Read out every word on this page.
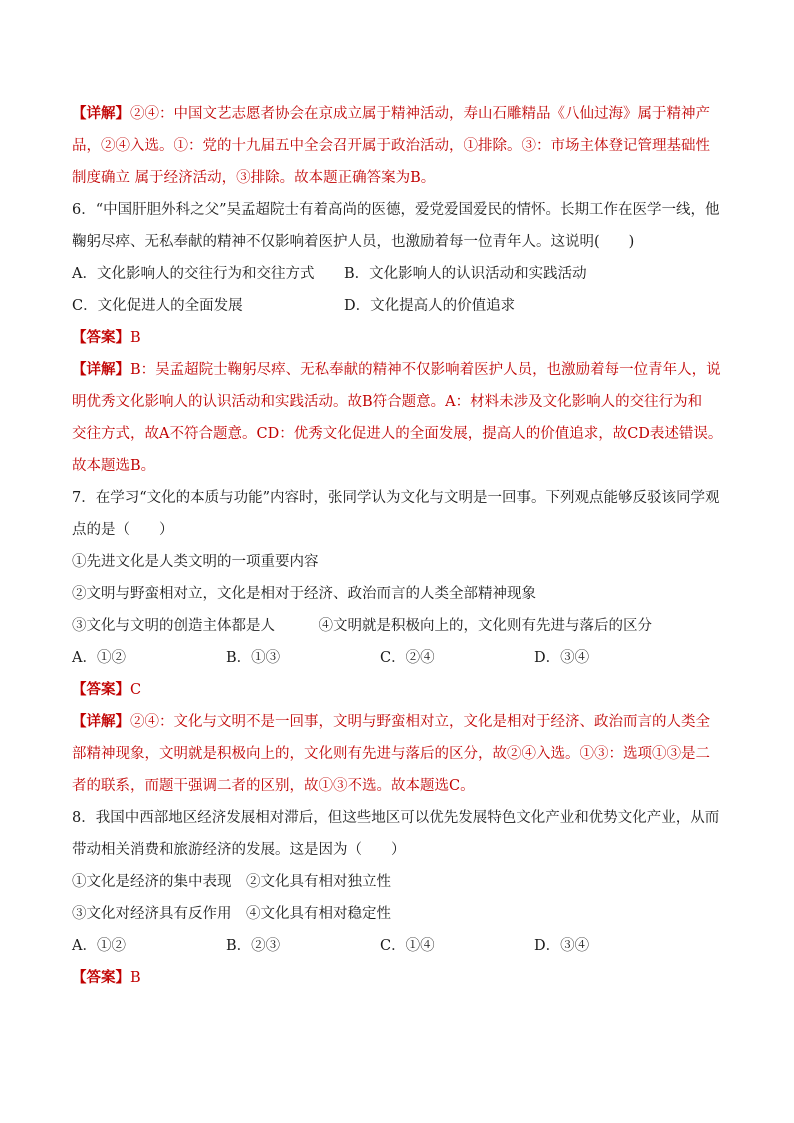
【详解】②④：中国文艺志愿者协会在京成立属于精神活动，寿山石雕精品《八仙过海》属于精神产
品，②④入选。①：党的十九届五中全会召开属于政治活动，①排除。③：市场主体登记管理基础性
制度确立 属于经济活动，③排除。故本题正确答案为B。
6．“中国肝胆外科之父”吴孟超院士有着高尚的医德，爱党爱国爱民的情怀。长期工作在医学一线，他
鞠躬尽瘁、无私奉献的精神不仅影响着医护人员，也激励着每一位青年人。这说明(　　)
A．文化影响人的交往行为和交往方式 B．文化影响人的认识活动和实践活动
C．文化促进人的全面发展	D．文化提高人的价值追求
【答案】B
【详解】B：吴孟超院士鞠躬尽瘁、无私奉献的精神不仅影响着医护人员，也激励着每一位青年人，说
明优秀文化影响人的认识活动和实践活动。故B符合题意。A：材料未涉及文化影响人的交往行为和
交往方式，故A不符合题意。CD：优秀文化促进人的全面发展，提高人的价值追求，故CD表述错误。
故本题选B。
7．在学习“文化的本质与功能”内容时，张同学认为文化与文明是一回事。下列观点能够反驳该同学观
点的是（　　）
①先进文化是人类文明的一项重要内容
②文明与野蛮相对立，文化是相对于经济、政治而言的人类全部精神现象
③文化与文明的创造主体都是人　　　④文明就是积极向上的，文化则有先进与落后的区分
A．①②	B．①③	C．②④	D．③④
【答案】C
【详解】②④：文化与文明不是一回事，文明与野蛮相对立，文化是相对于经济、政治而言的人类全
部精神现象，文明就是积极向上的，文化则有先进与落后的区分，故②④入选。①③：选项①③是二
者的联系，而题干强调二者的区别，故①③不选。故本题选C。
8．我国中西部地区经济发展相对滞后，但这些地区可以优先发展特色文化产业和优势文化产业，从而
带动相关消费和旅游经济的发展。这是因为（　　）
①文化是经济的集中表现　②文化具有相对独立性
③文化对经济具有反作用　④文化具有相对稳定性
A．①②	B．②③	C．①④	D．③④
【答案】B
